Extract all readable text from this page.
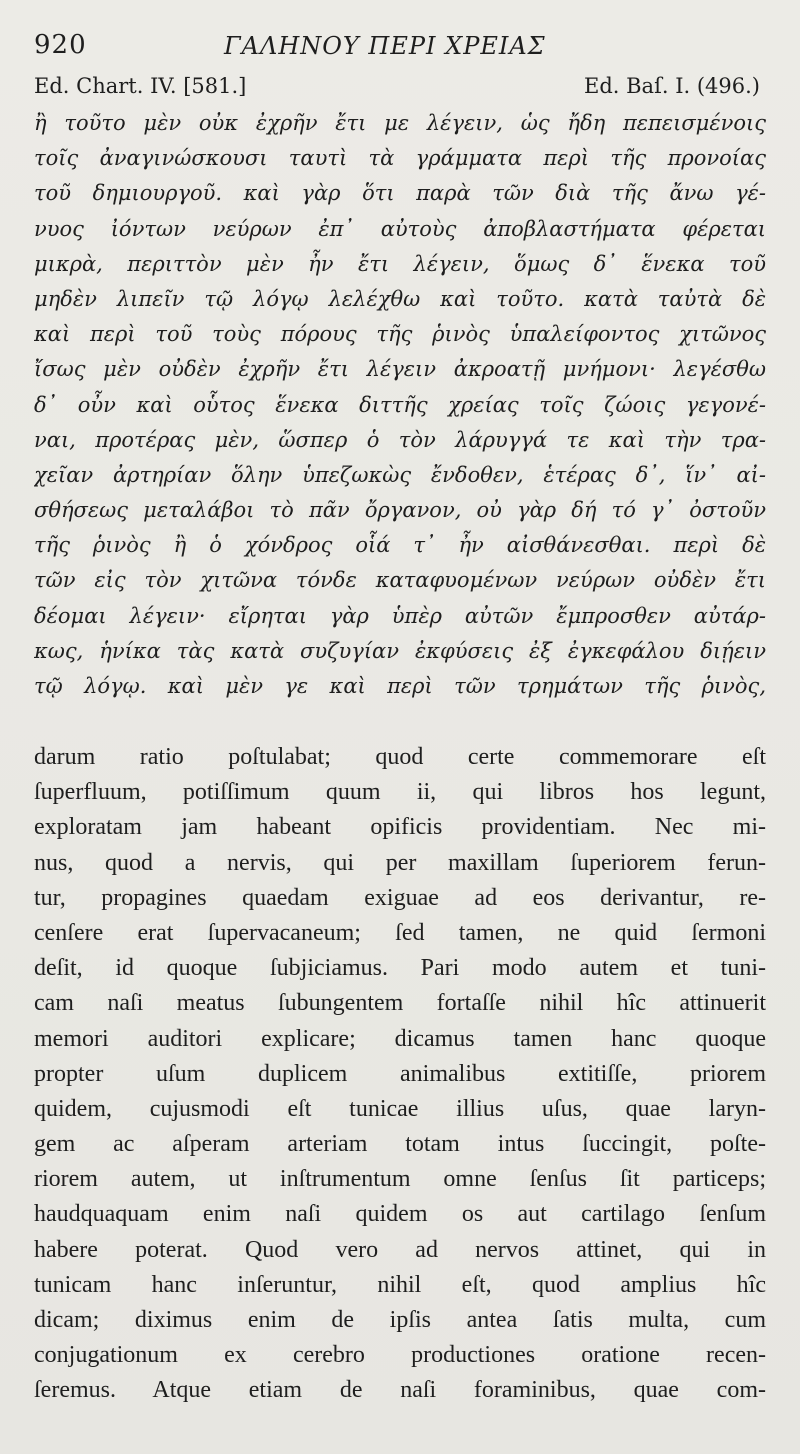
920	ΓΑΛΗΝΟΥ ΠΕΡΙ ΧΡΕΙΑΣ
Ed. Chart. IV. [581.]	Ed. Baſ. I. (496.)
ἢ τοῦτο μὲν οὐκ ἐχρῆν ἔτι με λέγειν, ὡς ἤδη πεπεισμένοις
τοῖς ἀναγινώσκουσι ταυτὶ τὰ γράμματα περὶ τῆς προνοίας
τοῦ δημιουργοῦ. καὶ γὰρ ὅτι παρὰ τῶν διὰ τῆς ἄνω γέ-
νυος ἰόντων νεύρων ἐπ᾽ αὐτοὺς ἀποβλαστήματα φέρεται
μικρὰ, περιττὸν μὲν ἦν ἔτι λέγειν, ὅμως δ᾽ ἕνεκα τοῦ
μηδὲν λιπεῖν τῷ λόγῳ λελέχθω καὶ τοῦτο. κατὰ ταὐτὰ δὲ
καὶ περὶ τοῦ τοὺς πόρους τῆς ῥινὸς ὑπαλείφοντος χιτῶνος
ἴσως μὲν οὐδὲν ἐχρῆν ἔτι λέγειν ἀκροατῇ μνήμονι· λεγέσθω
δ᾽ οὖν καὶ οὗτος ἕνεκα διττῆς χρείας τοῖς ζώοις γεγονέ-
ναι, προτέρας μὲν, ὥσπερ ὁ τὸν λάρυγγά τε καὶ τὴν τρα-
χεῖαν ἀρτηρίαν ὅλην ὑπεζωκὼς ἔνδοθεν, ἑτέρας δ᾽, ἵν᾽ αἰ-
σθήσεως μεταλάβοι τὸ πᾶν ὄργανον, οὐ γὰρ δή τό γ᾽ ὀστοῦν
τῆς ῥινὸς ἢ ὁ χόνδρος οἷά τ᾽ ἦν αἰσθάνεσθαι. περὶ δὲ
τῶν εἰς τὸν χιτῶνα τόνδε καταφυομένων νεύρων οὐδὲν ἔτι
δέομαι λέγειν· εἴρηται γὰρ ὑπὲρ αὐτῶν ἔμπροσθεν αὐτάρ-
κως, ἡνίκα τὰς κατὰ συζυγίαν ἐκφύσεις ἐξ ἐγκεφάλου διῄειν
τῷ λόγῳ. καὶ μὲν γε καὶ περὶ τῶν τρημάτων τῆς ῥινὸς,
darum ratio poſtulabat; quod certe commemorare eſt
ſuperfluum, potiſſimum quum ii, qui libros hos legunt,
exploratam jam habeant opificis providentiam. Nec mi-
nus, quod a nervis, qui per maxillam ſuperiorem ferun-
tur, propagines quaedam exiguae ad eos derivantur, re-
cenſere erat ſupervacaneum; ſed tamen, ne quid ſermoni
deſit, id quoque ſubjiciamus. Pari modo autem et tuni-
cam naſi meatus ſubungentem fortaſſe nihil hîc attinuerit
memori auditori explicare; dicamus tamen hanc quoque
propter uſum duplicem animalibus extitiſſe, priorem
quidem, cujusmodi eſt tunicae illius uſus, quae laryn-
gem ac aſperam arteriam totam intus ſuccingit, poſte-
riorem autem, ut inſtrumentum omne ſenſus ſit particeps;
haudquaquam enim naſi quidem os aut cartilago ſenſum
habere poterat. Quod vero ad nervos attinet, qui in
tunicam hanc inſeruntur, nihil eſt, quod amplius hîc
dicam; diximus enim de ipſis antea ſatis multa, cum
conjugationum ex cerebro productiones oratione recen-
ſeremus. Atque etiam de naſi foraminibus, quae com-
